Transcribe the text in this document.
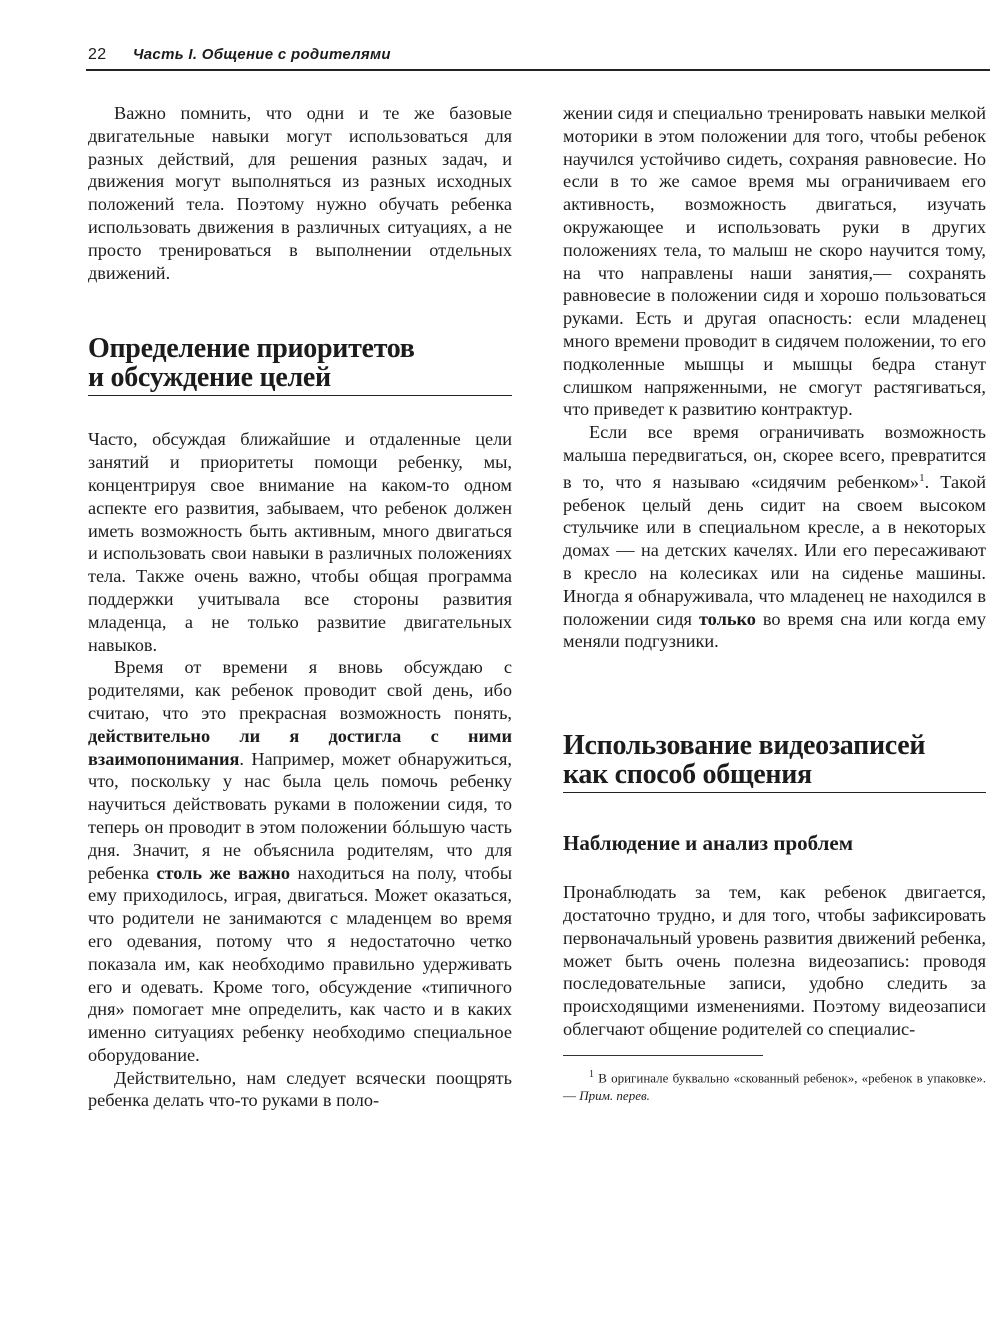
22 Часть I. Общение с родителями

Важно помнить, что одни и те же базовые двигательные навыки могут использоваться для разных действий, для решения разных задач, и движения могут выполняться из разных исходных положений тела. Поэтому нужно обучать ребенка использовать движения в различных ситуациях, а не просто тренироваться в выполнении отдельных движений.

Определение приоритетов
и обсуждение целей

Часто, обсуждая ближайшие и отдаленные цели занятий и приоритеты помощи ребенку, мы, концентрируя свое внимание на каком-то одном аспекте его развития, забываем, что ребенок должен иметь возможность быть активным, много двигаться и использовать свои навыки в различных положениях тела. Также очень важно, чтобы общая программа поддержки учитывала все стороны развития младенца, а не только развитие двигательных навыков.

Время от времени я вновь обсуждаю с родителями, как ребенок проводит свой день, ибо считаю, что это прекрасная возможность понять, действительно ли я достигла с ними взаимопонимания. Например, может обнаружиться, что, поскольку у нас была цель помочь ребенку научиться действовать руками в положении сидя, то теперь он проводит в этом положении бóльшую часть дня. Значит, я не объяснила родителям, что для ребенка столь же важно находиться на полу, чтобы ему приходилось, играя, двигаться. Может оказаться, что родители не занимаются с младенцем во время его одевания, потому что я недостаточно четко показала им, как необходимо правильно удерживать его и одевать. Кроме того, обсуждение «типичного дня» помогает мне определить, как часто и в каких именно ситуациях ребенку необходимо специальное оборудование.

Действительно, нам следует всячески поощрять ребенка делать что-то руками в поло-

жении сидя и специально тренировать навыки мелкой моторики в этом положении для того, чтобы ребенок научился устойчиво сидеть, сохраняя равновесие. Но если в то же самое время мы ограничиваем его активность, возможность двигаться, изучать окружающее и использовать руки в других положениях тела, то малыш не скоро научится тому, на что направлены наши занятия,— сохранять равновесие в положении сидя и хорошо пользоваться руками. Есть и другая опасность: если младенец много времени проводит в сидячем положении, то его подколенные мышцы и мышцы бедра станут слишком напряженными, не смогут растягиваться, что приведет к развитию контрактур.

Если все время ограничивать возможность малыша передвигаться, он, скорее всего, превратится в то, что я называю «сидячим ребенком»$^1$. Такой ребенок целый день сидит на своем высоком стульчике или в специальном кресле, а в некоторых домах — на детских качелях. Или его пересаживают в кресло на колесиках или на сиденье машины. Иногда я обнаруживала, что младенец не находился в положении сидя только во время сна или когда ему меняли подгузники.

Использование видеозаписей
как способ общения
Наблюдение и анализ проблем

Пронаблюдать за тем, как ребенок двигается, достаточно трудно, и для того, чтобы зафиксировать первоначальный уровень развития движений ребенка, может быть очень полезна видеозапись: проводя последовательные записи, удобно следить за происходящими изменениями. Поэтому видеозаписи облегчают общение родителей со специалис-

$^1$ В оригинале буквально «скованный ребенок», «ребенок в упаковке».— Прим. перев.
